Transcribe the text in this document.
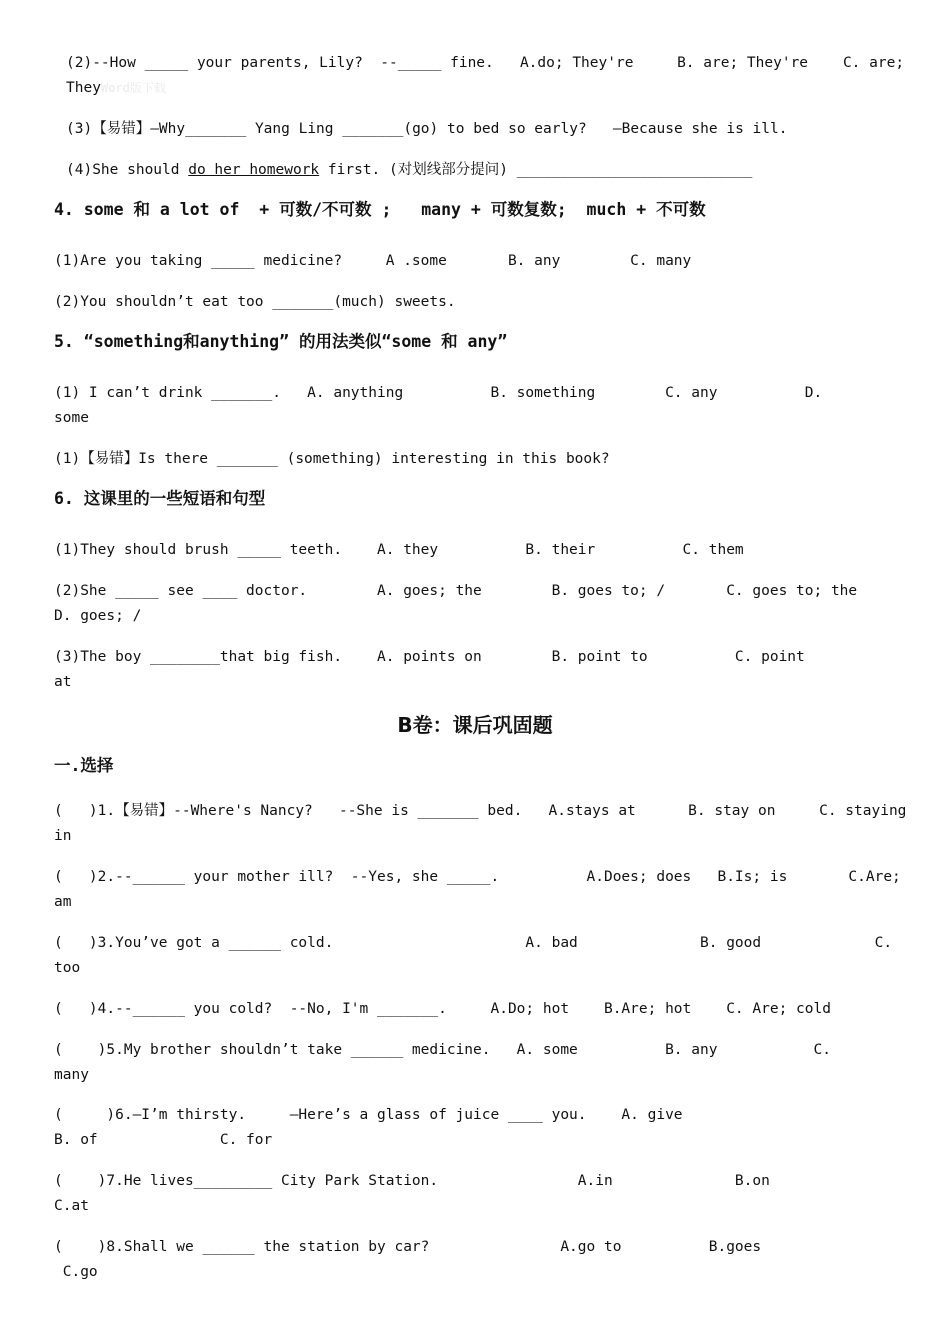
(2)--How _____ your parents, Lily?  --_____ fine.   A.do; They're     B. are; They're    C. are;
TheyWord版下载
(3)【易错】—Why_______ Yang Ling _______(go) to bed so early?   —Because she is ill.
(4)She should do her homework first. (对划线部分提问) ___________________________
4. some 和 a lot of  + 可数/不可数 ;   many + 可数复数;  much + 不可数
(1)Are you taking _____ medicine?     A .some       B. any        C. many
(2)You shouldn’t eat too _______(much) sweets.
5. “something和anything” 的用法类似“some 和 any”
(1) I can’t drink _______.   A. anything          B. something        C. any          D.
some
(1)【易错】Is there _______ (something) interesting in this book?
6. 这课里的一些短语和句型
(1)They should brush _____ teeth.    A. they          B. their          C. them
(2)She _____ see ____ doctor.        A. goes; the        B. goes to; /       C. goes to; the
D. goes; /
(3)The boy ________that big fish.    A. points on        B. point to          C. point
at
B卷：课后巩固题
一.选择
(   )1.【易错】--Where's Nancy?   --She is _______ bed.   A.stays at      B. stay on     C. staying
in
(   )2.--______ your mother ill?  --Yes, she _____.          A.Does; does   B.Is; is       C.Are;
am
(   )3.You’ve got a ______ cold.                      A. bad              B. good             C.
too
(   )4.--______ you cold?  --No, I'm _______.     A.Do; hot    B.Are; hot    C. Are; cold
(    )5.My brother shouldn’t take ______ medicine.   A. some          B. any           C.
many
(     )6.—I’m thirsty.     —Here’s a glass of juice ____ you.    A. give
B. of              C. for
(    )7.He lives_________ City Park Station.                A.in              B.on
C.at
(    )8.Shall we ______ the station by car?               A.go to          B.goes
C.go
